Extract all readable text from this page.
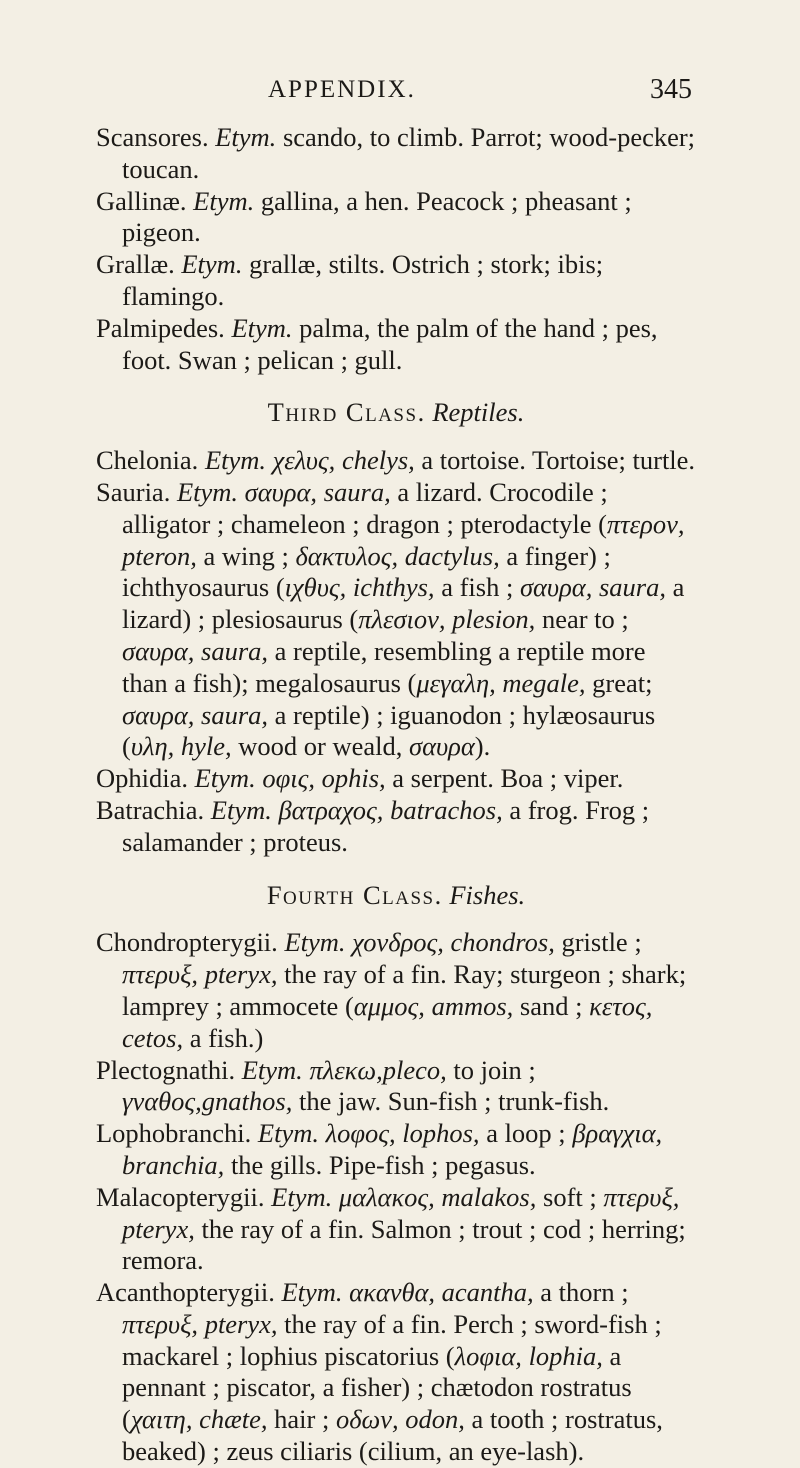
APPENDIX.	345

Scansores. Etym. scando, to climb. Parrot; wood-pecker; toucan.

Gallinæ. Etym. gallina, a hen. Peacock ; pheasant ; pigeon.

Grallæ. Etym. grallæ, stilts. Ostrich ; stork; ibis; flamingo.

Palmipedes. Etym. palma, the palm of the hand ; pes, foot. Swan ; pelican ; gull.

Third Class. Reptiles.

Chelonia. Etym. χελυς, chelys, a tortoise. Tortoise; turtle.

Sauria. Etym. σαυρα, saura, a lizard. Crocodile ; alligator ; chameleon ; dragon ; pterodactyle (πτερον, pteron, a wing ; δακτυλος, dactylus, a finger) ; ichthyosaurus (ιχθυς, ichthys, a fish ; σαυρα, saura, a lizard) ; plesiosaurus (πλεσιον, plesion, near to ; σαυρα, saura, a reptile, resembling a reptile more than a fish); megalosaurus (μεγαλη, megale, great; σαυρα, saura, a reptile) ; iguanodon ; hylæosaurus (υλη, hyle, wood or weald, σαυρα).

Ophidia. Etym. οφις, ophis, a serpent. Boa ; viper.

Batrachia. Etym. βατραχος, batrachos, a frog. Frog ; salamander ; proteus.

Fourth Class. Fishes.

Chondropterygii. Etym. χονδρος, chondros, gristle ; πτερυξ, pteryx, the ray of a fin. Ray; sturgeon ; shark; lamprey ; ammocete (αμμος, ammos, sand ; κετος, cetos, a fish.)

Plectognathi. Etym. πλεκω,pleco, to join ; γναθος,gnathos, the jaw. Sun-fish ; trunk-fish.

Lophobranchi. Etym. λοφος, lophos, a loop ; βραγχια, branchia, the gills. Pipe-fish ; pegasus.

Malacopterygii. Etym. μαλακος, malakos, soft ; πτερυξ, pteryx, the ray of a fin. Salmon ; trout ; cod ; herring; remora.

Acanthopterygii. Etym. ακανθα, acantha, a thorn ; πτερυξ, pteryx, the ray of a fin. Perch ; sword-fish ; mackarel ; lophius piscatorius (λοφια, lophia, a pennant ; piscator, a fisher) ; chætodon rostratus (χαιτη, chæte, hair ; οδων, odon, a tooth ; rostratus, beaked) ; zeus ciliaris (cilium, an eye-lash).
